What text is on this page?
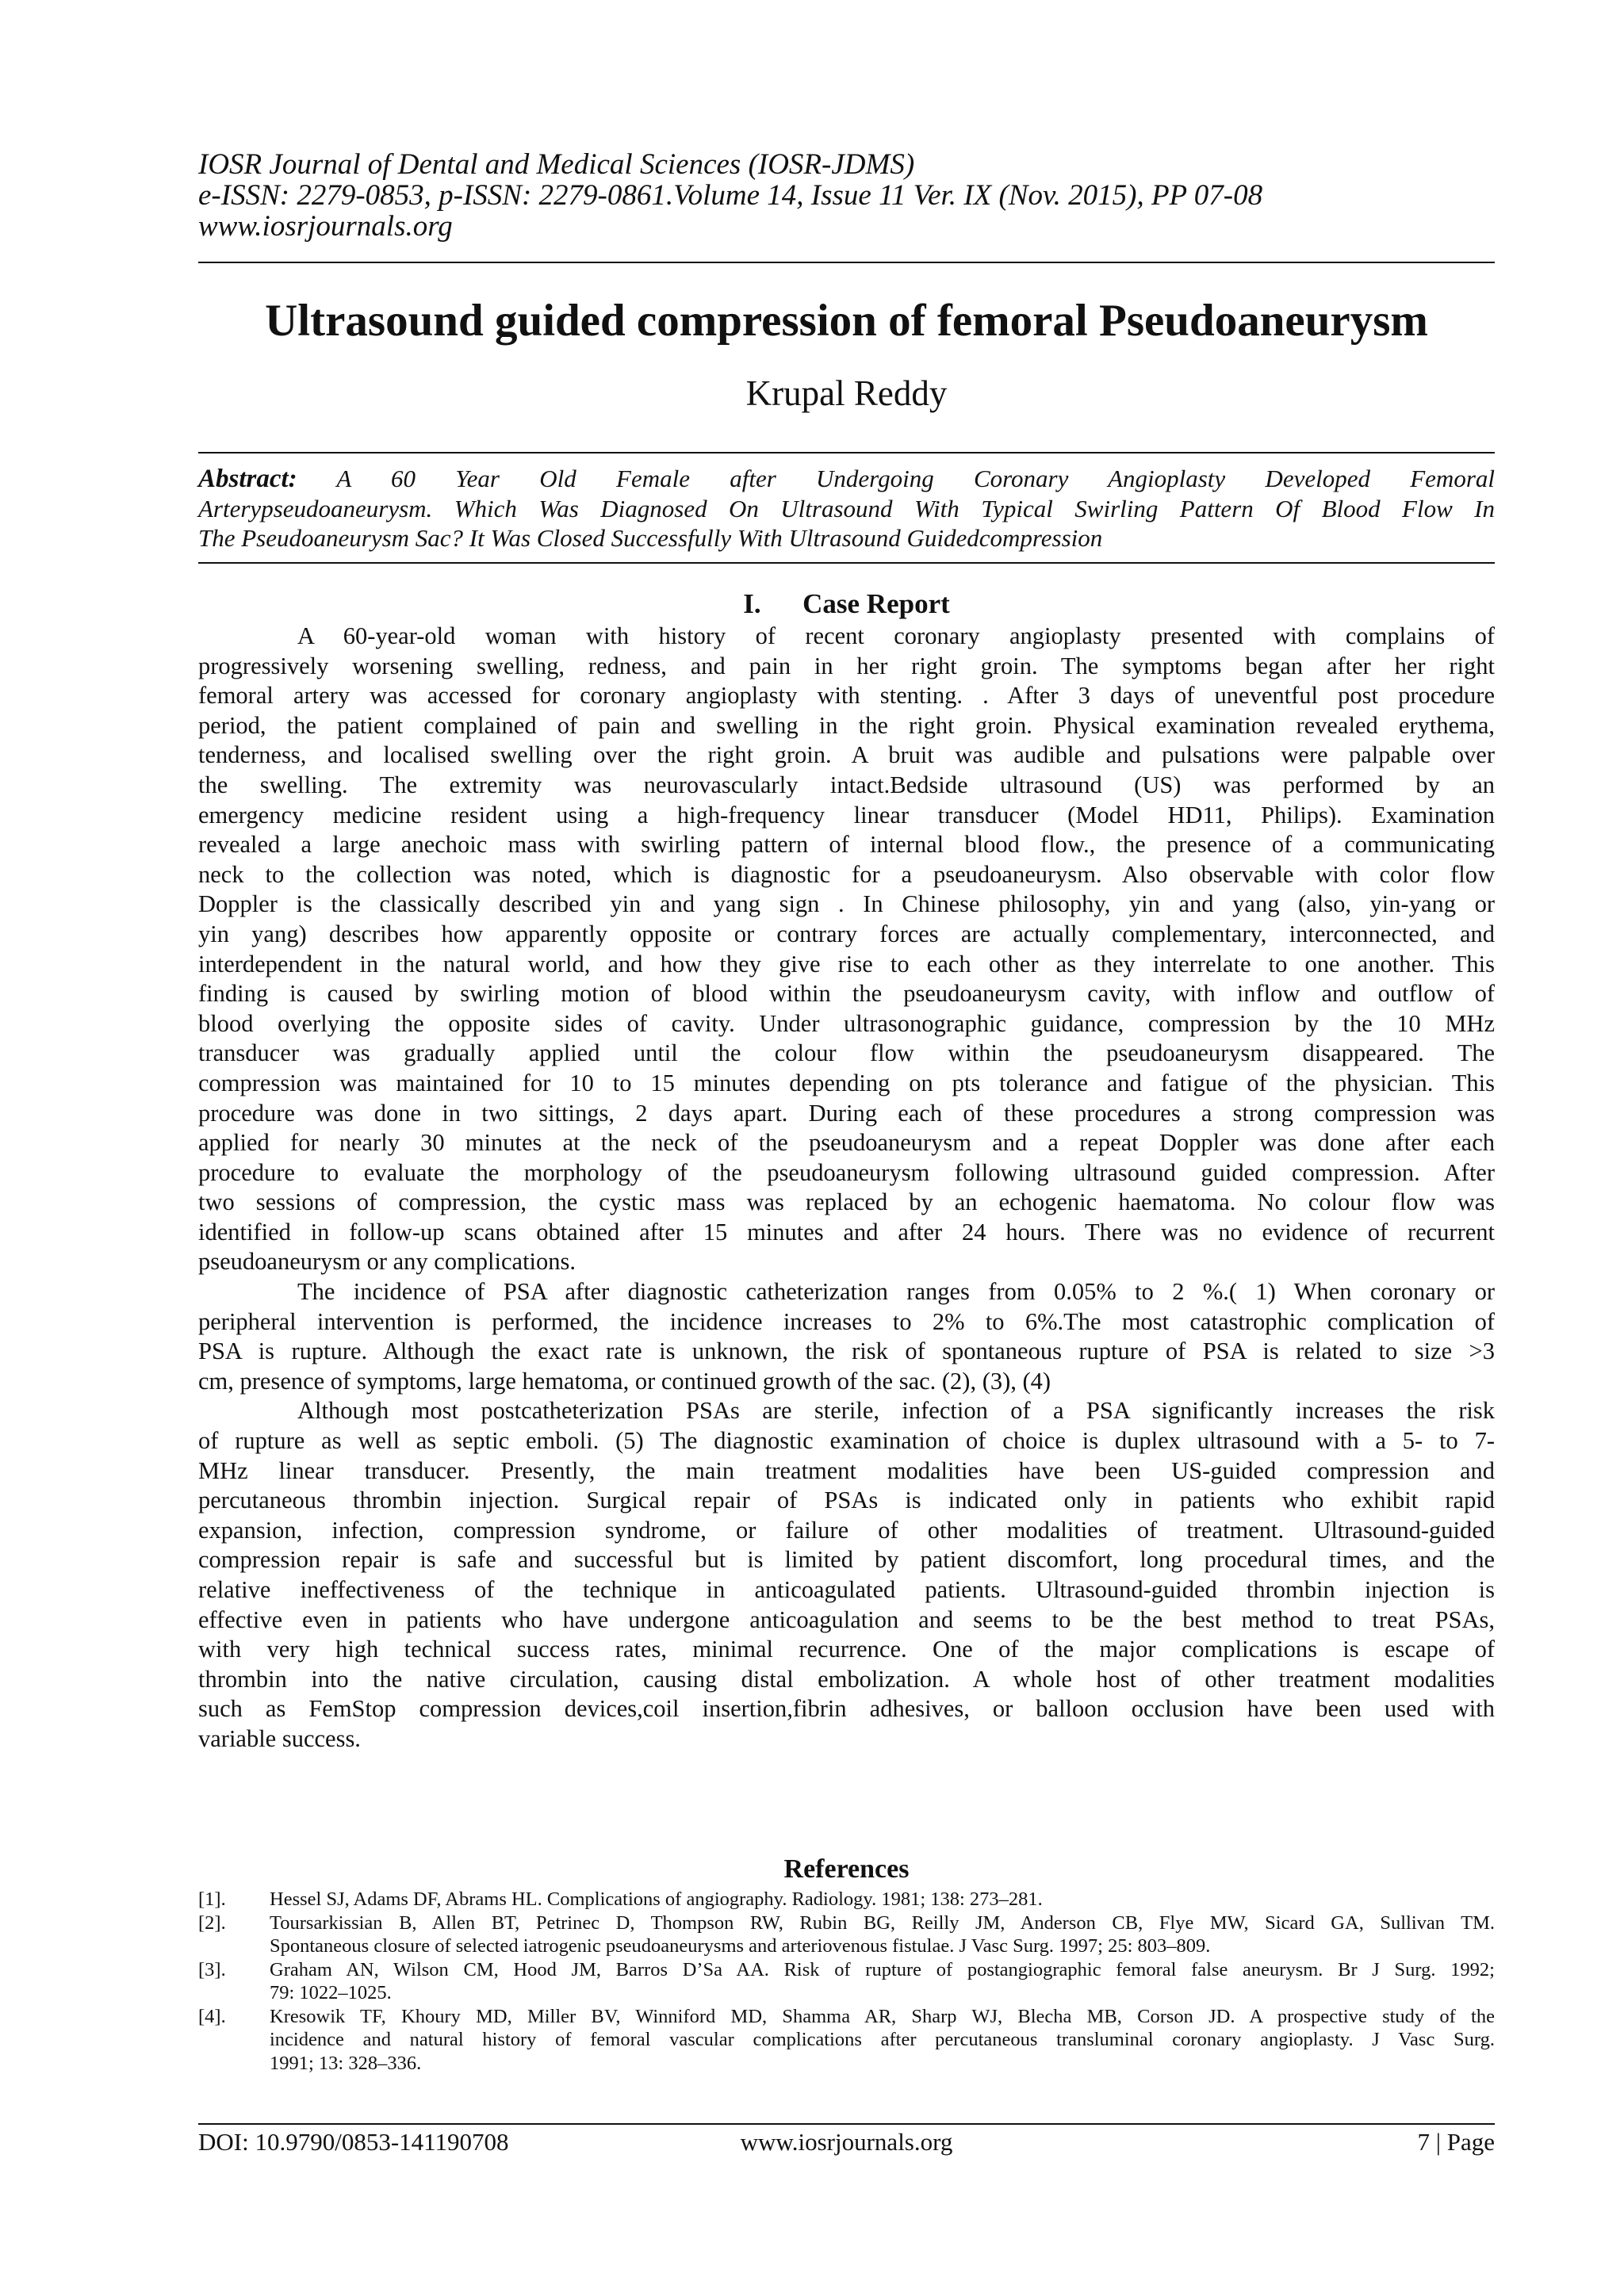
IOSR Journal of Dental and Medical Sciences (IOSR-JDMS)
e-ISSN: 2279-0853, p-ISSN: 2279-0861.Volume 14, Issue 11 Ver. IX (Nov. 2015), PP 07-08
www.iosrjournals.org
Ultrasound guided compression of femoral Pseudoaneurysm
Krupal Reddy
Abstract: A 60 Year Old Female after Undergoing Coronary Angioplasty Developed Femoral
Arterypseudoaneurysm. Which Was Diagnosed On Ultrasound With Typical Swirling Pattern Of Blood Flow In
The Pseudoaneurysm Sac? It Was Closed Successfully With Ultrasound Guidedcompression
I. Case Report
A 60-year-old woman with history of recent coronary angioplasty presented with complains of
progressively worsening swelling, redness, and pain in her right groin. The symptoms began after her right
femoral artery was accessed for coronary angioplasty with stenting. . After 3 days of uneventful post procedure
period, the patient complained of pain and swelling in the right groin. Physical examination revealed erythema,
tenderness, and localised swelling over the right groin. A bruit was audible and pulsations were palpable over
the swelling. The extremity was neurovascularly intact.Bedside ultrasound (US) was performed by an
emergency medicine resident using a high-frequency linear transducer (Model HD11, Philips). Examination
revealed a large anechoic mass with swirling pattern of internal blood flow., the presence of a communicating
neck to the collection was noted, which is diagnostic for a pseudoaneurysm. Also observable with color flow
Doppler is the classically described yin and yang sign . In Chinese philosophy, yin and yang (also, yin-yang or
yin yang) describes how apparently opposite or contrary forces are actually complementary, interconnected, and
interdependent in the natural world, and how they give rise to each other as they interrelate to one another. This
finding is caused by swirling motion of blood within the pseudoaneurysm cavity, with inflow and outflow of
blood overlying the opposite sides of cavity. Under ultrasonographic guidance, compression by the 10 MHz
transducer was gradually applied until the colour flow within the pseudoaneurysm disappeared. The
compression was maintained for 10 to 15 minutes depending on pts tolerance and fatigue of the physician. This
procedure was done in two sittings, 2 days apart. During each of these procedures a strong compression was
applied for nearly 30 minutes at the neck of the pseudoaneurysm and a repeat Doppler was done after each
procedure to evaluate the morphology of the pseudoaneurysm following ultrasound guided compression. After
two sessions of compression, the cystic mass was replaced by an echogenic haematoma. No colour flow was
identified in follow-up scans obtained after 15 minutes and after 24 hours. There was no evidence of recurrent
pseudoaneurysm or any complications.
The incidence of PSA after diagnostic catheterization ranges from 0.05% to 2 %.( 1) When coronary or
peripheral intervention is performed, the incidence increases to 2% to 6%.The most catastrophic complication of
PSA is rupture. Although the exact rate is unknown, the risk of spontaneous rupture of PSA is related to size >3
cm, presence of symptoms, large hematoma, or continued growth of the sac. (2), (3), (4)
Although most postcatheterization PSAs are sterile, infection of a PSA significantly increases the risk
of rupture as well as septic emboli. (5) The diagnostic examination of choice is duplex ultrasound with a 5- to 7-
MHz linear transducer. Presently, the main treatment modalities have been US-guided compression and
percutaneous thrombin injection. Surgical repair of PSAs is indicated only in patients who exhibit rapid
expansion, infection, compression syndrome, or failure of other modalities of treatment. Ultrasound-guided
compression repair is safe and successful but is limited by patient discomfort, long procedural times, and the
relative ineffectiveness of the technique in anticoagulated patients. Ultrasound-guided thrombin injection is
effective even in patients who have undergone anticoagulation and seems to be the best method to treat PSAs,
with very high technical success rates, minimal recurrence. One of the major complications is escape of
thrombin into the native circulation, causing distal embolization. A whole host of other treatment modalities
such as FemStop compression devices,coil insertion,fibrin adhesives, or balloon occlusion have been used with
variable success.
References
[1].	Hessel SJ, Adams DF, Abrams HL. Complications of angiography. Radiology. 1981; 138: 273–281.
[2].	Toursarkissian B, Allen BT, Petrinec D, Thompson RW, Rubin BG, Reilly JM, Anderson CB, Flye MW, Sicard GA, Sullivan TM.
Spontaneous closure of selected iatrogenic pseudoaneurysms and arteriovenous fistulae. J Vasc Surg. 1997; 25: 803–809.
[3].	Graham AN, Wilson CM, Hood JM, Barros D’Sa AA. Risk of rupture of postangiographic femoral false aneurysm. Br J Surg. 1992;
79: 1022–1025.
[4].	Kresowik TF, Khoury MD, Miller BV, Winniford MD, Shamma AR, Sharp WJ, Blecha MB, Corson JD. A prospective study of the
incidence and natural history of femoral vascular complications after percutaneous transluminal coronary angioplasty. J Vasc Surg.
1991; 13: 328–336.
DOI: 10.9790/0853-141190708	www.iosrjournals.org	7 | Page
